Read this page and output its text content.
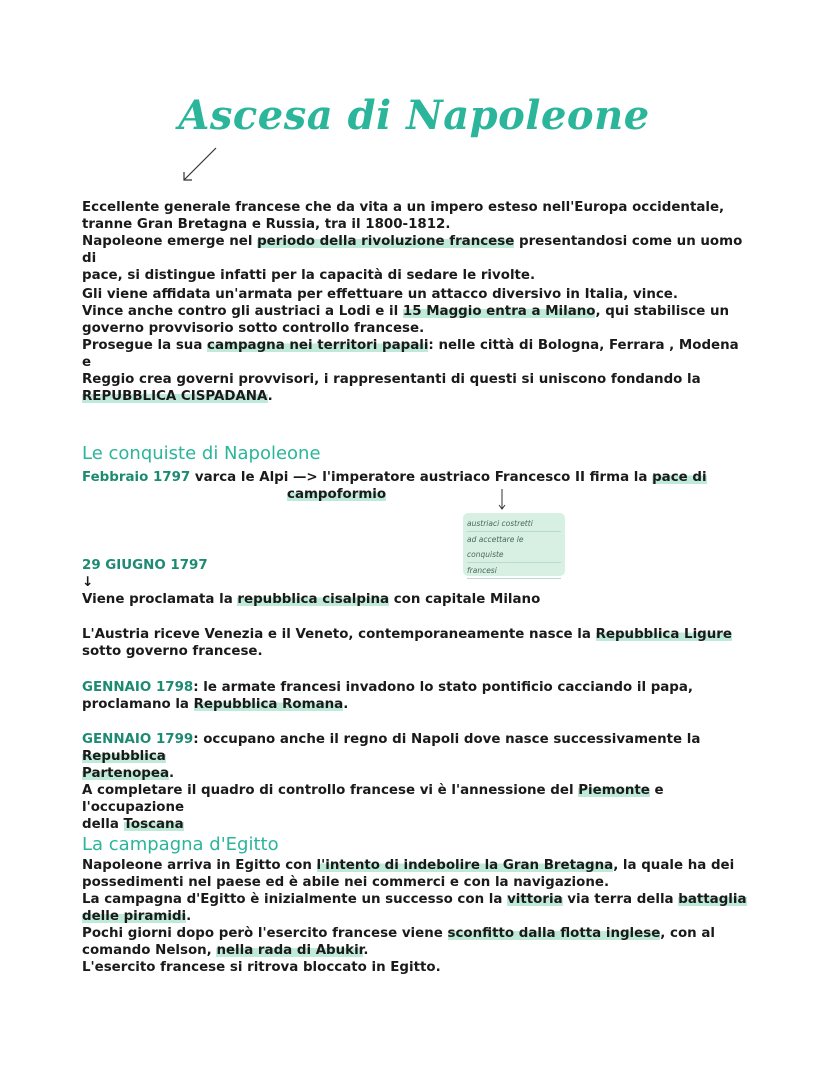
Ascesa di Napoleone

Eccellente generale francese che da vita a un impero esteso nell'Europa occidentale,

tranne Gran Bretagna e Russia, tra il 1800-1812.

Napoleone emerge nel periodo della rivoluzione francese presentandosi come un uomo di

pace, si distingue infatti per la capacità di sedare le rivolte.

Gli viene affidata un'armata per effettuare un attacco diversivo in Italia, vince.

Vince anche contro gli austriaci a Lodi e il 15 Maggio entra a Milano, qui stabilisce un

governo provvisorio sotto controllo francese.

Prosegue la sua campagna nei territori papali: nelle città di Bologna, Ferrara , Modena e

Reggio crea governi provvisori, i rappresentanti di questi si uniscono fondando la

REPUBBLICA CISPADANA.

Le conquiste di Napoleone

Febbraio 1797 varca le Alpi —> l'imperatore austriaco Francesco II firma la pace di

campoformio

austriaci costretti
ad accettare le conquiste
francesi

29 GIUGNO 1797

↓

Viene proclamata la repubblica cisalpina con capitale Milano

L'Austria riceve Venezia e il Veneto, contemporaneamente nasce la Repubblica Ligure

sotto governo francese.

GENNAIO 1798: le armate francesi invadono lo stato pontificio cacciando il papa,

proclamano la Repubblica Romana.

GENNAIO 1799: occupano anche il regno di Napoli dove nasce successivamente la Repubblica

Partenopea.

A completare il quadro di controllo francese vi è l'annessione del Piemonte e l'occupazione

della Toscana

La campagna d'Egitto

Napoleone arriva in Egitto con l'intento di indebolire la Gran Bretagna, la quale ha dei

possedimenti nel paese ed è abile nei commerci e con la navigazione.

La campagna d'Egitto è inizialmente un successo con la vittoria via terra della battaglia

delle piramidi.

Pochi giorni dopo però l'esercito francese viene sconfitto dalla flotta inglese, con al

comando Nelson, nella rada di Abukir.

L'esercito francese si ritrova bloccato in Egitto.
